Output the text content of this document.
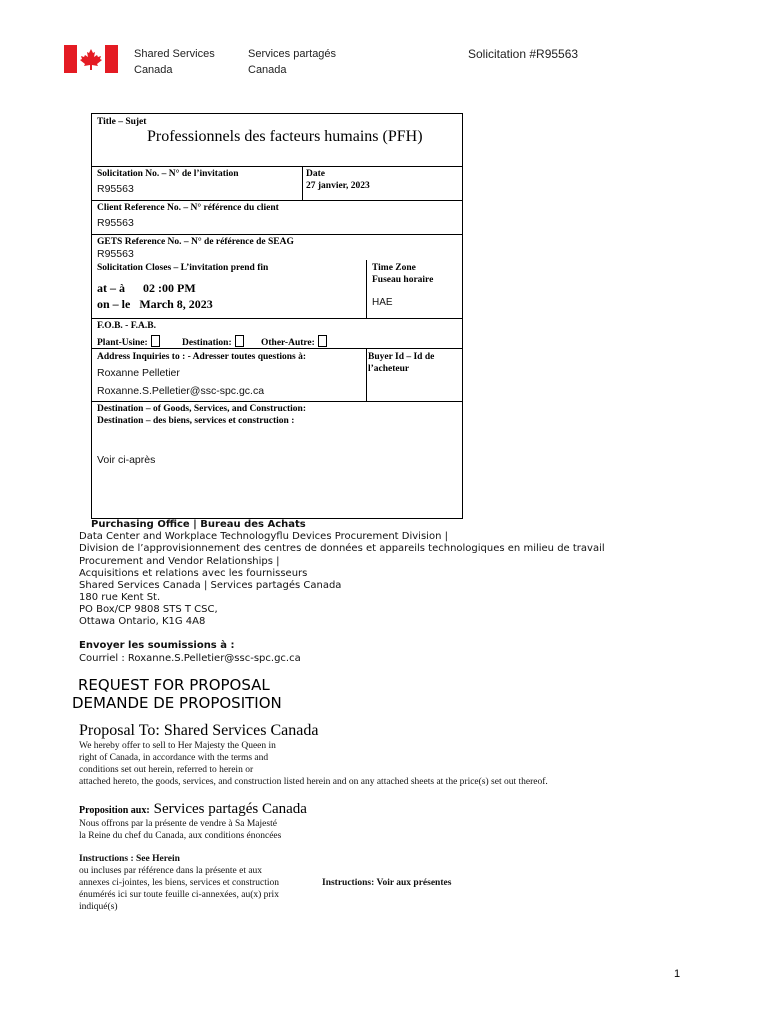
Shared Services
Canada
Services partagés
Canada
Solicitation #R95563
Title – Sujet
Professionnels des facteurs humains (PFH)
Solicitation No. – N° de l’invitation
R95563
Date
27 janvier, 2023
Client Reference No. – N° référence du client
R95563
GETS Reference No. – N° de référence de SEAG
R95563
Solicitation Closes – L’invitation prend fin
at – à      02 :00 PM
on – le   March 8, 2023
Time Zone
Fuseau horaire
HAE
F.O.B. - F.A.B.
Plant-Usine:	Destination:	Other-Autre:
Address Inquiries to : - Adresser toutes questions à:
Roxanne Pelletier
Roxanne.S.Pelletier@ssc-spc.gc.ca
Buyer Id – Id de
l’acheteur
Destination – of Goods, Services, and Construction:
Destination – des biens, services et construction :
Voir ci-après
Purchasing Office | Bureau des Achats
Data Center and Workplace Technologyflu Devices Procurement Division |
Division de l’approvisionnement des centres de données et appareils technologiques en milieu de travail
Procurement and Vendor Relationships |
Acquisitions et relations avec les fournisseurs
Shared Services Canada | Services partagés Canada
180 rue Kent St.
PO Box/CP 9808 STS T CSC,
Ottawa Ontario, K1G 4A8
Envoyer les soumissions à :
Courriel : Roxanne.S.Pelletier@ssc-spc.gc.ca
REQUEST FOR PROPOSAL
DEMANDE DE PROPOSITION
Proposal To: Shared Services Canada
We hereby offer to sell to Her Majesty the Queen in
right of Canada, in accordance with the terms and
conditions set out herein, referred to herein or
attached hereto, the goods, services, and construction listed herein and on any attached sheets at the price(s) set out thereof.
Proposition aux: Services partagés Canada
Nous offrons par la présente de vendre à Sa Majesté
la Reine du chef du Canada, aux conditions énoncées
Instructions : See Herein
ou incluses par référence dans la présente et aux
annexes ci-jointes, les biens, services et construction
énumérés ici sur toute feuille ci-annexées, au(x) prix
indiqué(s)
Instructions: Voir aux présentes
1
